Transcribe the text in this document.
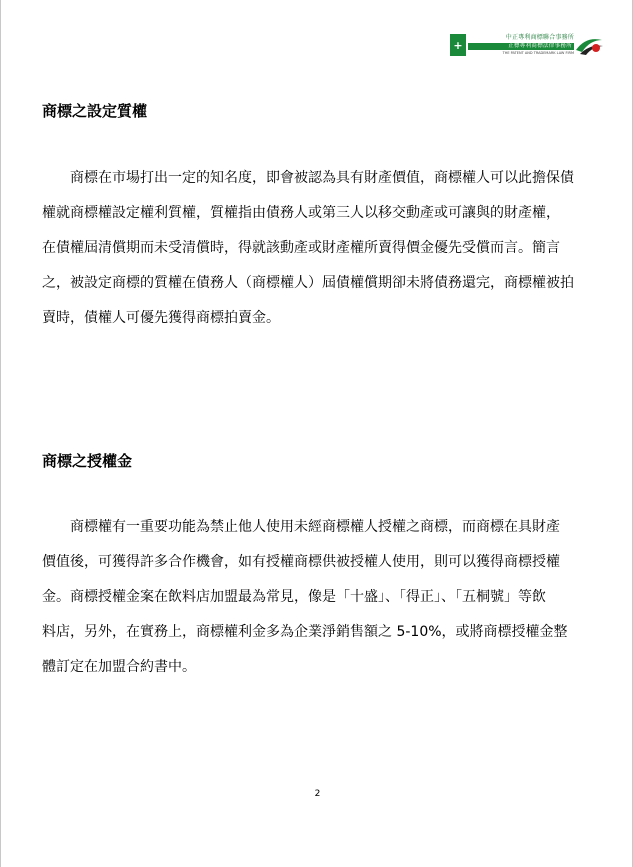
+
中正專利商標聯合事務所
正標專利商標法律事務所
THE PATENT AND TRADEMARK LAW FIRM
商標之設定質權
　　商標在市場打出一定的知名度，即會被認為具有財產價值，商標權人可以此擔保債
權就商標權設定權利質權，質權指由債務人或第三人以移交動產或可讓與的財產權，
在債權屆清償期而未受清償時，得就該動產或財產權所賣得價金優先受償而言。簡言
之，被設定商標的質權在債務人（商標權人）屆債權償期卻未將債務還完，商標權被拍
賣時，債權人可優先獲得商標拍賣金。
商標之授權金
　　商標權有一重要功能為禁止他人使用未經商標權人授權之商標，而商標在具財產
價值後，可獲得許多合作機會，如有授權商標供被授權人使用，則可以獲得商標授權
金。商標授權金案在飲料店加盟最為常見，像是「十盛」、「得正」、「五桐號」等飲
料店，另外，在實務上，商標權利金多為企業淨銷售額之 5-10%，或將商標授權金整
體訂定在加盟合約書中。
2
